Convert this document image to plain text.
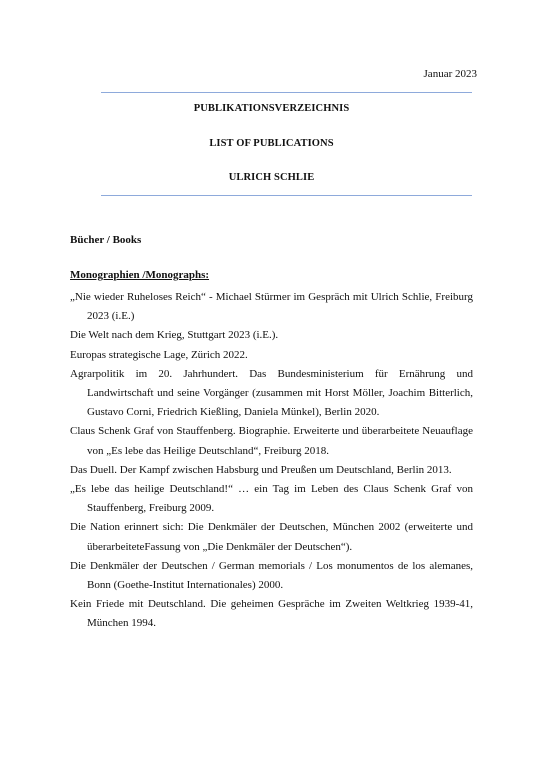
Januar 2023
PUBLIKATIONSVERZEICHNIS
LIST OF PUBLICATIONS
ULRICH SCHLIE
Bücher / Books
Monographien /Monographs:
„Nie wieder Ruheloses Reich“ - Michael Stürmer im Gespräch mit Ulrich Schlie, Freiburg 2023 (i.E.)
Die Welt nach dem Krieg, Stuttgart 2023 (i.E.).
Europas strategische Lage, Zürich 2022.
Agrarpolitik im 20. Jahrhundert. Das Bundesministerium für Ernährung und Landwirtschaft und seine Vorgänger (zusammen mit Horst Möller, Joachim Bitterlich, Gustavo Corni, Friedrich Kießling, Daniela Münkel), Berlin 2020.
Claus Schenk Graf von Stauffenberg. Biographie. Erweiterte und überarbeitete Neuauflage von „Es lebe das Heilige Deutschland“, Freiburg 2018.
Das Duell. Der Kampf zwischen Habsburg und Preußen um Deutschland, Berlin 2013.
„Es lebe das heilige Deutschland!“ … ein Tag im Leben des Claus Schenk Graf von Stauffenberg, Freiburg 2009.
Die Nation erinnert sich: Die Denkmäler der Deutschen, München 2002 (erweiterte und überarbeiteteFassung von „Die Denkmäler der Deutschen“).
Die Denkmäler der Deutschen / German memorials / Los monumentos de los alemanes, Bonn (Goethe-Institut Internationales) 2000.
Kein Friede mit Deutschland. Die geheimen Gespräche im Zweiten Weltkrieg 1939-41, München 1994.
